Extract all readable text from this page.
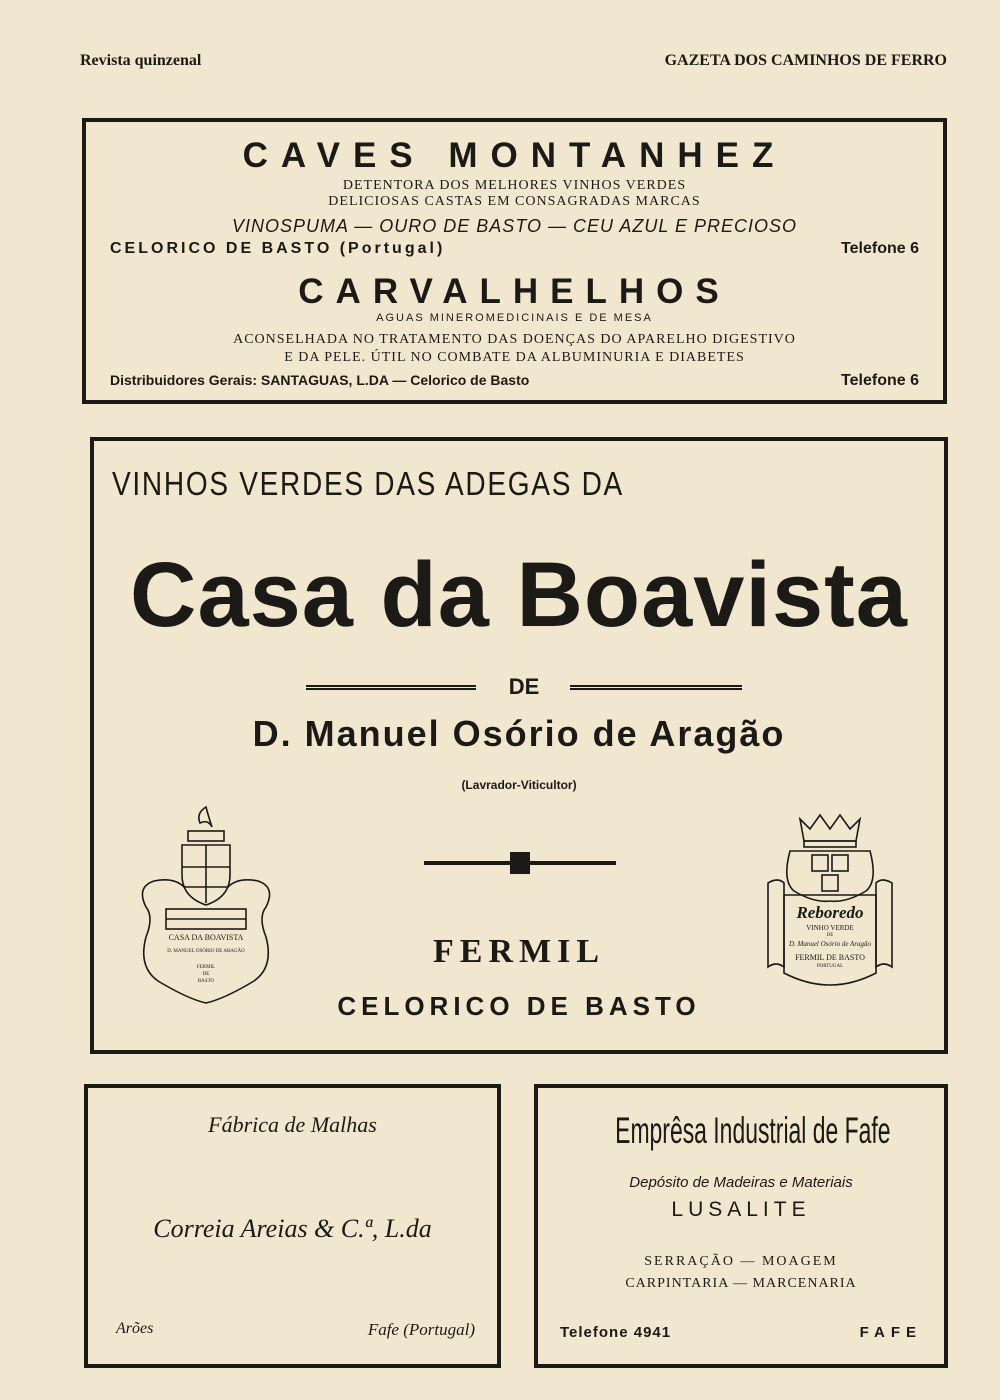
Revista quinzenal	GAZETA DOS CAMINHOS DE FERRO
CAVES MONTANHEZ
DETENTORA DOS MELHORES VINHOS VERDES
DELICIOSAS CASTAS EM CONSAGRADAS MARCAS
VINOSPUMA — OURO DE BASTO — CEU AZUL E PRECIOSO
CELORICO DE BASTO (Portugal)	Telefone 6
CARVALHELHOS
AGUAS MINEROMEDICINAIS E DE MESA
ACONSELHADA NO TRATAMENTO DAS DOENÇAS DO APARELHO DIGESTIVO
E DA PELE. ÚTIL NO COMBATE DA ALBUMINURIA E DIABETES
Distribuidores Gerais: SANTAGUAS, L.DA — Celorico de Basto	Telefone 6
VINHOS VERDES DAS ADEGAS DA
Casa da Boavista
DE
D. Manuel Osório de Aragão
(Lavrador-Viticultor)
FERMIL
CELORICO DE BASTO
CASA DA BOAVISTA
D. MANUEL OSÓRIO DE ARAGÃO
FERMIL
DE
BASTO
Reboredo
VINHO VERDE
DE
D. Manuel Osório de Aragão
FERMIL DE BASTO
PORTUGAL
Fábrica de Malhas
Correia Areias & C.ª, L.da
Arões	Fafe (Portugal)
Emprêsa Industrial de Fafe
Depósito de Madeiras e Materiais
LUSALITE
SERRAÇÃO — MOAGEM
CARPINTARIA — MARCENARIA
Telefone 4941	FAFE
